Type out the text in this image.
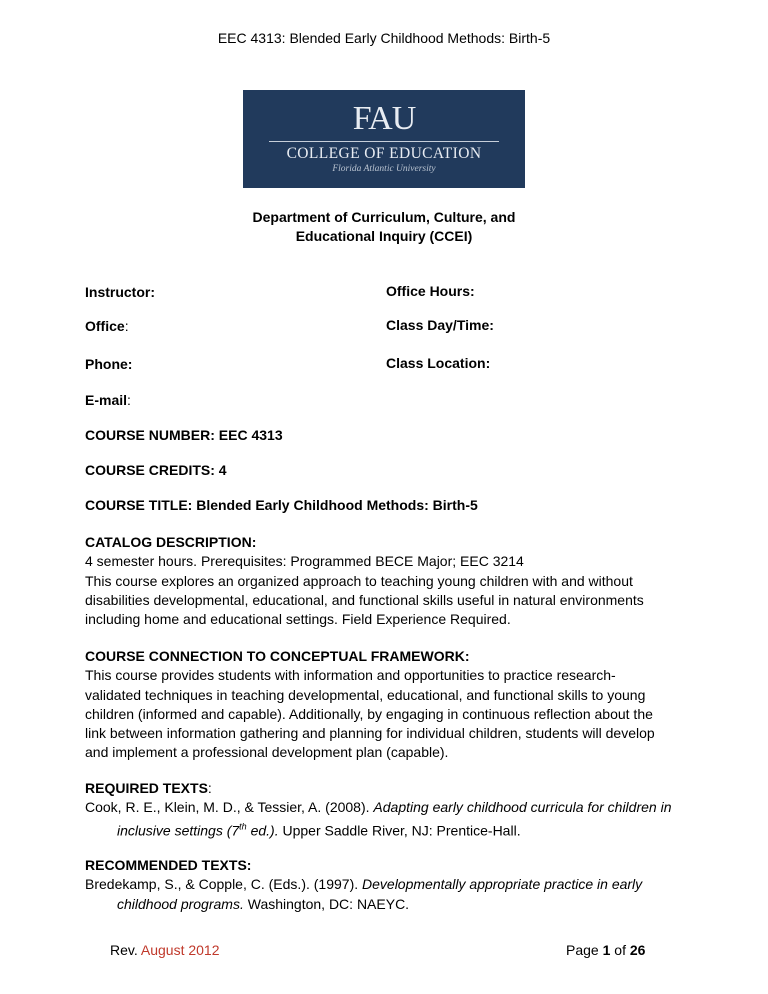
EEC 4313: Blended Early Childhood Methods: Birth-5
FAU
COLLEGE OF EDUCATION
Florida Atlantic University
Department of Curriculum, Culture, and
Educational Inquiry (CCEI)
Instructor:	Office Hours:
Office:	Class Day/Time:
Phone:	Class Location:
E-mail:
COURSE NUMBER: EEC 4313
COURSE CREDITS: 4
COURSE TITLE: Blended Early Childhood Methods: Birth-5
CATALOG DESCRIPTION:
4 semester hours. Prerequisites: Programmed BECE Major; EEC 3214
This course explores an organized approach to teaching young children with and without
disabilities developmental, educational, and functional skills useful in natural environments
including home and educational settings. Field Experience Required.
COURSE CONNECTION TO CONCEPTUAL FRAMEWORK:
This course provides students with information and opportunities to practice research-
validated techniques in teaching developmental, educational, and functional skills to young
children (informed and capable). Additionally, by engaging in continuous reflection about the
link between information gathering and planning for individual children, students will develop
and implement a professional development plan (capable).
REQUIRED TEXTS:
Cook, R. E., Klein, M. D., & Tessier, A. (2008). Adapting early childhood curricula for children in inclusive settings (7th ed.). Upper Saddle River, NJ: Prentice-Hall.
RECOMMENDED TEXTS:
Bredekamp, S., & Copple, C. (Eds.). (1997). Developmentally appropriate practice in early childhood programs. Washington, DC: NAEYC.
Rev. August 2012	Page 1 of 26
